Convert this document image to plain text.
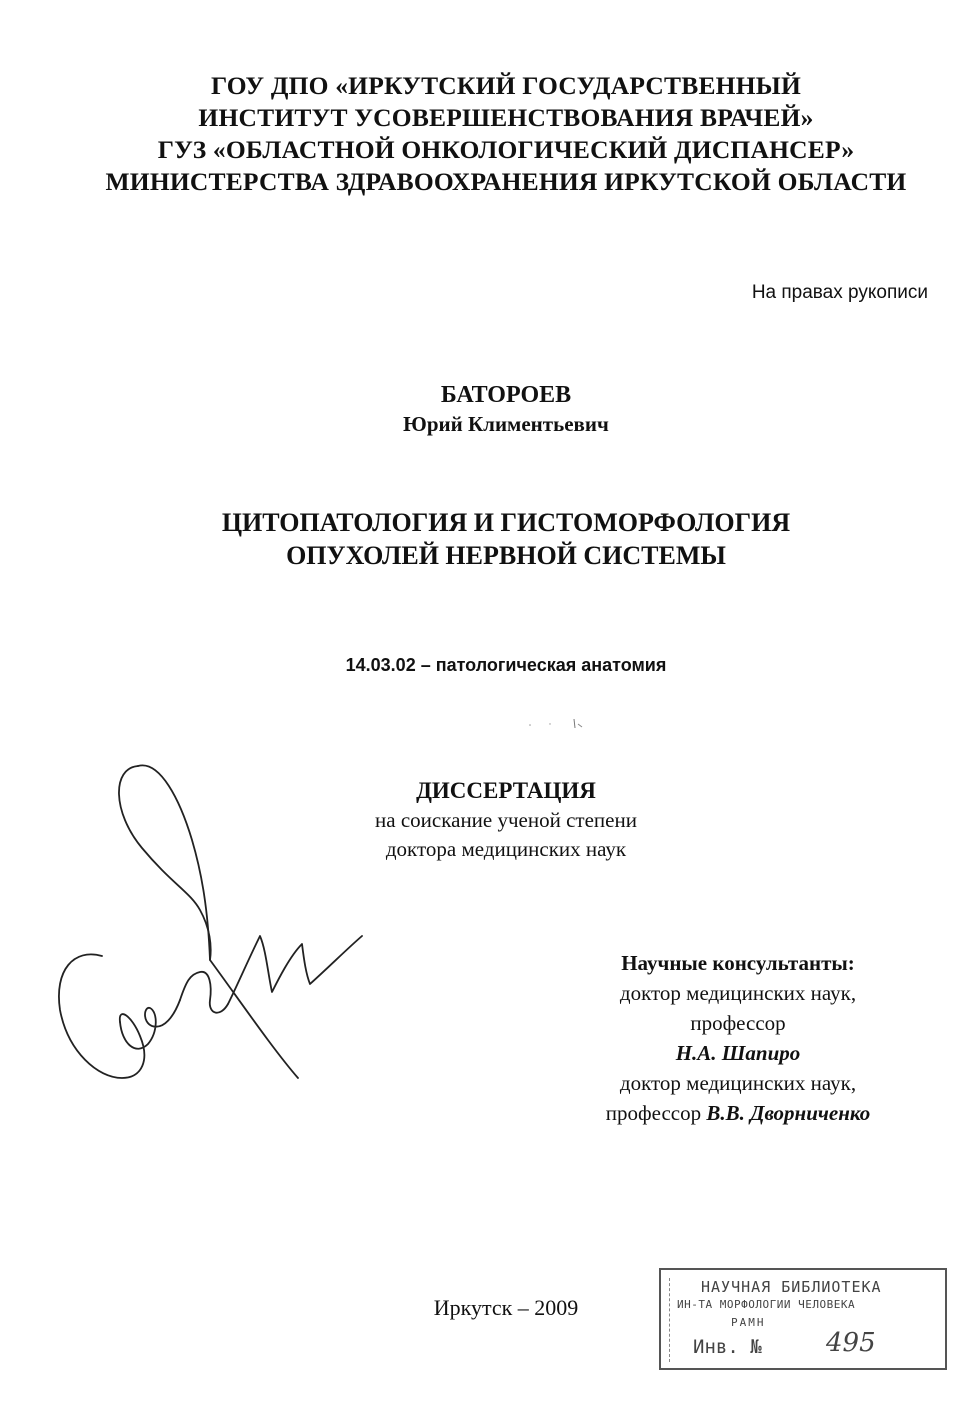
ГОУ ДПО «ИРКУТСКИЙ ГОСУДАРСТВЕННЫЙ
ИНСТИТУТ УСОВЕРШЕНСТВОВАНИЯ ВРАЧЕЙ»
ГУЗ «ОБЛАСТНОЙ ОНКОЛОГИЧЕСКИЙ ДИСПАНСЕР»
МИНИСТЕРСТВА ЗДРАВООХРАНЕНИЯ ИРКУТСКОЙ ОБЛАСТИ
На правах рукописи
БАТОРОЕВ
Юрий Климентьевич
ЦИТОПАТОЛОГИЯ И ГИСТОМОРФОЛОГИЯ
ОПУХОЛЕЙ НЕРВНОЙ СИСТЕМЫ
14.03.02 – патологическая анатомия
ДИССЕРТАЦИЯ
на соискание ученой степени
доктора медицинских наук
Научные консультанты:
доктор медицинских наук,
профессор
Н.А. Шапиро
доктор медицинских наук,
профессор В.В. Дворниченко
Иркутск – 2009
НАУЧНАЯ БИБЛИОТЕКА
ИН-ТА МОРФОЛОГИИ ЧЕЛОВЕКА
РАМН
Инв. № 495
